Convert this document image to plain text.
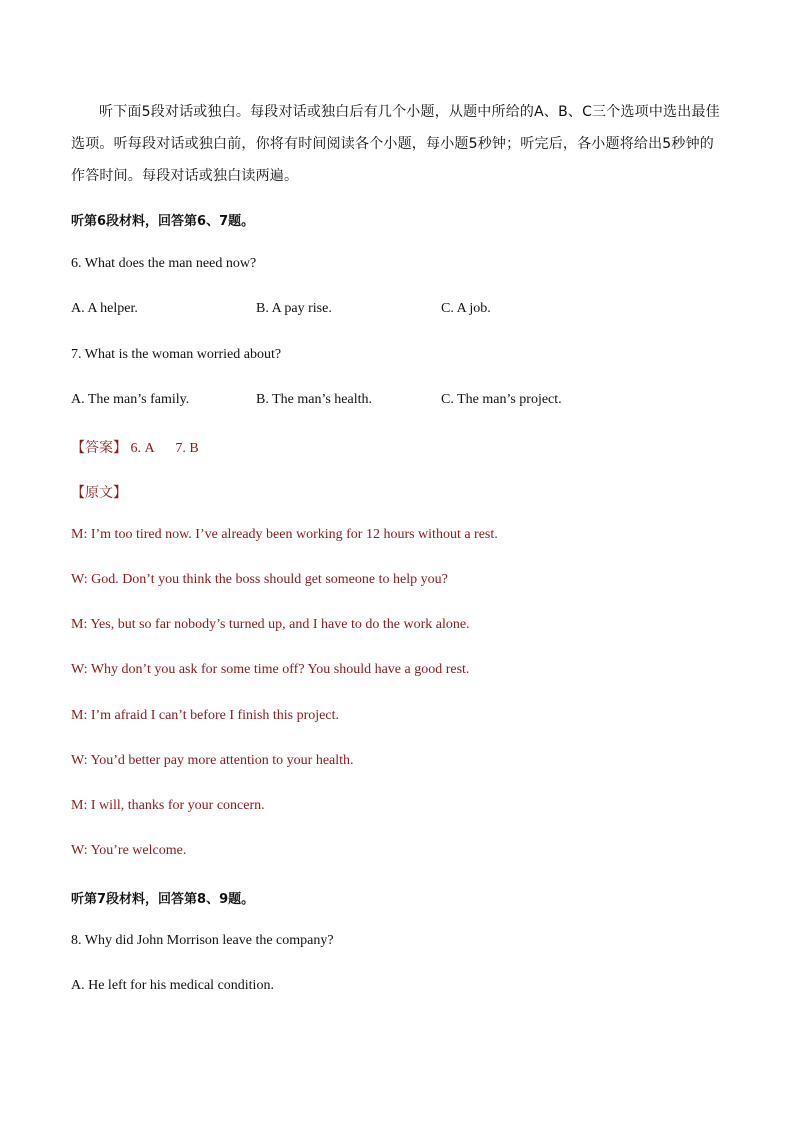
听下面5段对话或独白。每段对话或独白后有几个小题，从题中所给的A、B、C三个选项中选出最佳选项。听每段对话或独白前，你将有时间阅读各个小题，每小题5秒钟；听完后，各小题将给出5秒钟的作答时间。每段对话或独白读两遍。
听第6段材料，回答第6、7题。
6. What does the man need now?
A. A helper.	B. A pay rise.	C. A job.
7. What is the woman worried about?
A. The man’s family.	B. The man’s health.	C. The man’s project.
【答案】 6. A 7. B
【原文】
M: I’m too tired now. I’ve already been working for 12 hours without a rest.
W: God. Don’t you think the boss should get someone to help you?
M: Yes, but so far nobody’s turned up, and I have to do the work alone.
W: Why don’t you ask for some time off? You should have a good rest.
M: I’m afraid I can’t before I finish this project.
W: You’d better pay more attention to your health.
M: I will, thanks for your concern.
W: You’re welcome.
听第7段材料，回答第8、9题。
8. Why did John Morrison leave the company?
A. He left for his medical condition.
